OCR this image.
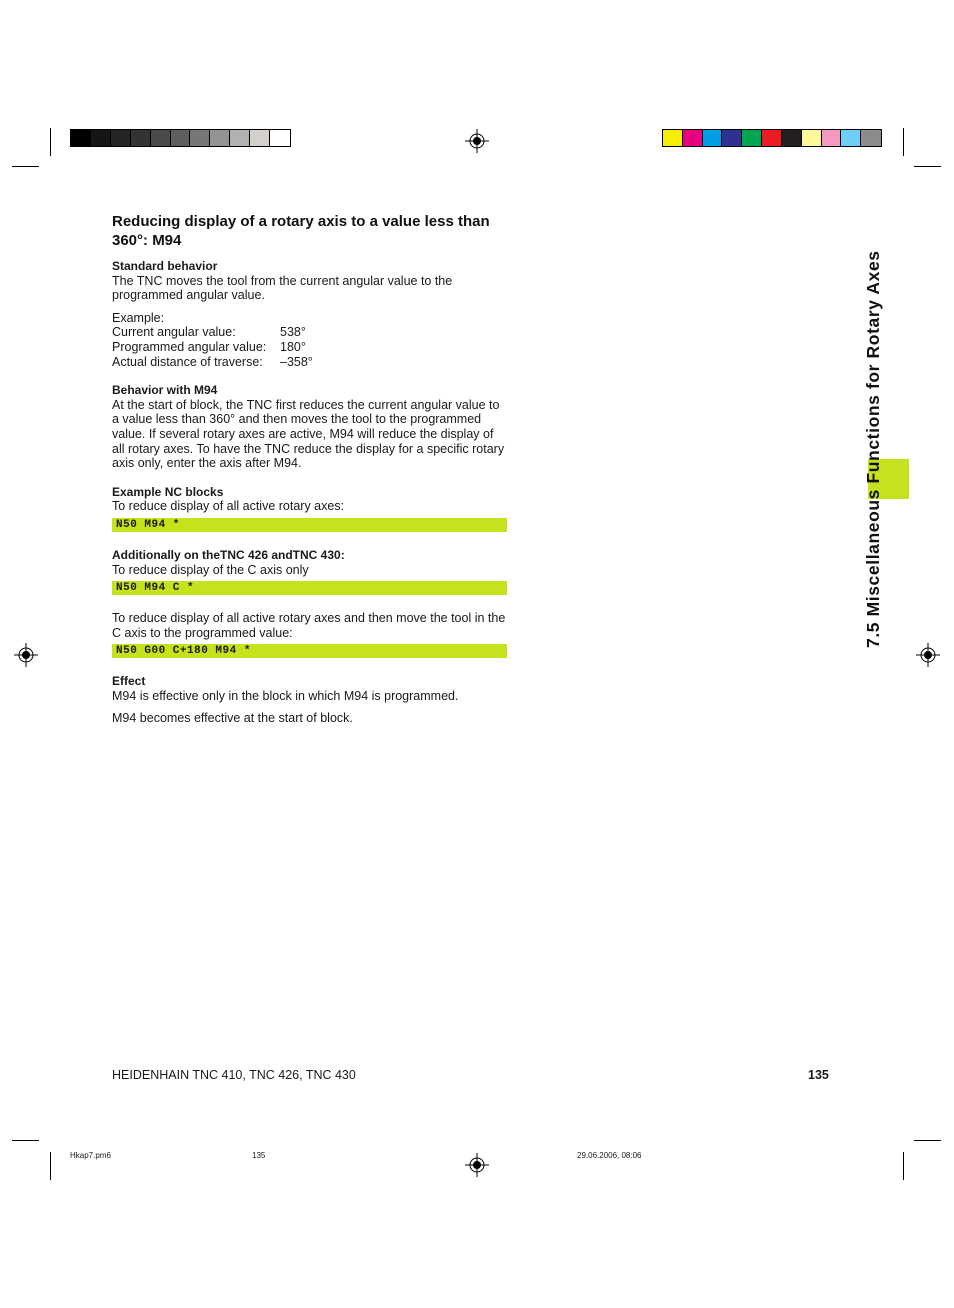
7.5 Miscellaneous Functions for Rotary Axes
Reducing display of a rotary axis to a value less than 360°: M94

Standard behavior

The TNC moves the tool from the current angular value to the programmed angular value.

Example:

Current angular value:	538°
Programmed angular value:	180°
Actual distance of traverse:	–358°

Behavior with M94

At the start of block, the TNC first reduces the current angular value to a value less than 360° and then moves the tool to the programmed value. If several rotary axes are active, M94 will reduce the display of all rotary axes. To have the TNC reduce the display for a specific rotary axis only, enter the axis after M94.

Example NC blocks

To reduce display of all active rotary axes:

N50 M94 *

Additionally on theTNC 426 andTNC 430:

To reduce display of the C axis only

N50 M94 C *

To reduce display of all active rotary axes and then move the tool in the C axis to the programmed value:

N50 G00 C+180 M94 *

Effect

M94 is effective only in the block in which M94 is programmed.

M94 becomes effective at the start of block.

HEIDENHAIN TNC 410, TNC 426, TNC 430	135
Hkap7.pm6	135	29.06.2006, 08:06
